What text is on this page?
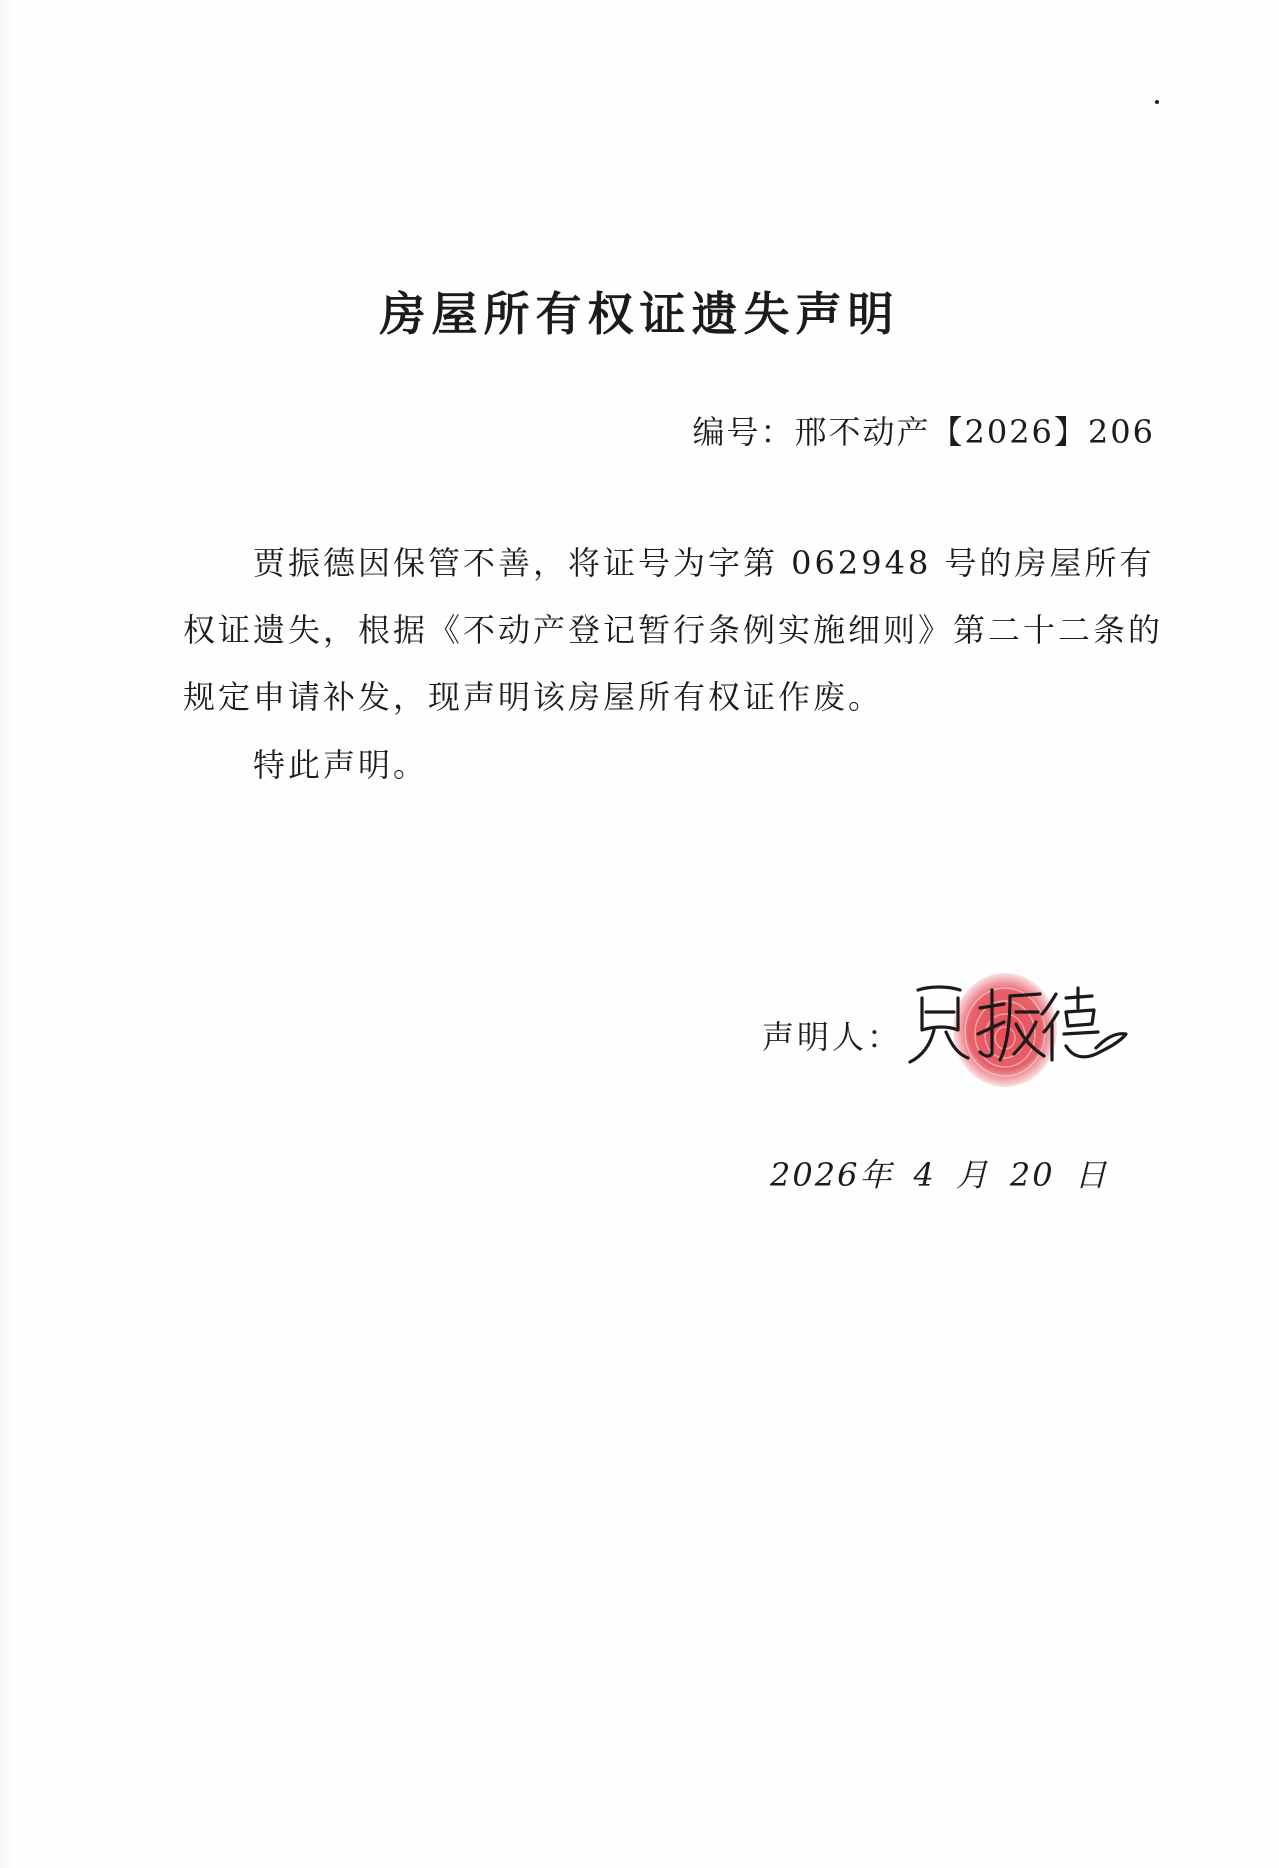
房屋所有权证遗失声明
编号：邢不动产【2026】206

贾振德因保管不善，将证号为字第 062948 号的房屋所有权证遗失，根据《不动产登记暂行条例实施细则》第二十二条的规定申请补发，现声明该房屋所有权证作废。

特此声明。
声明人：
2026年 4 月 20 日
